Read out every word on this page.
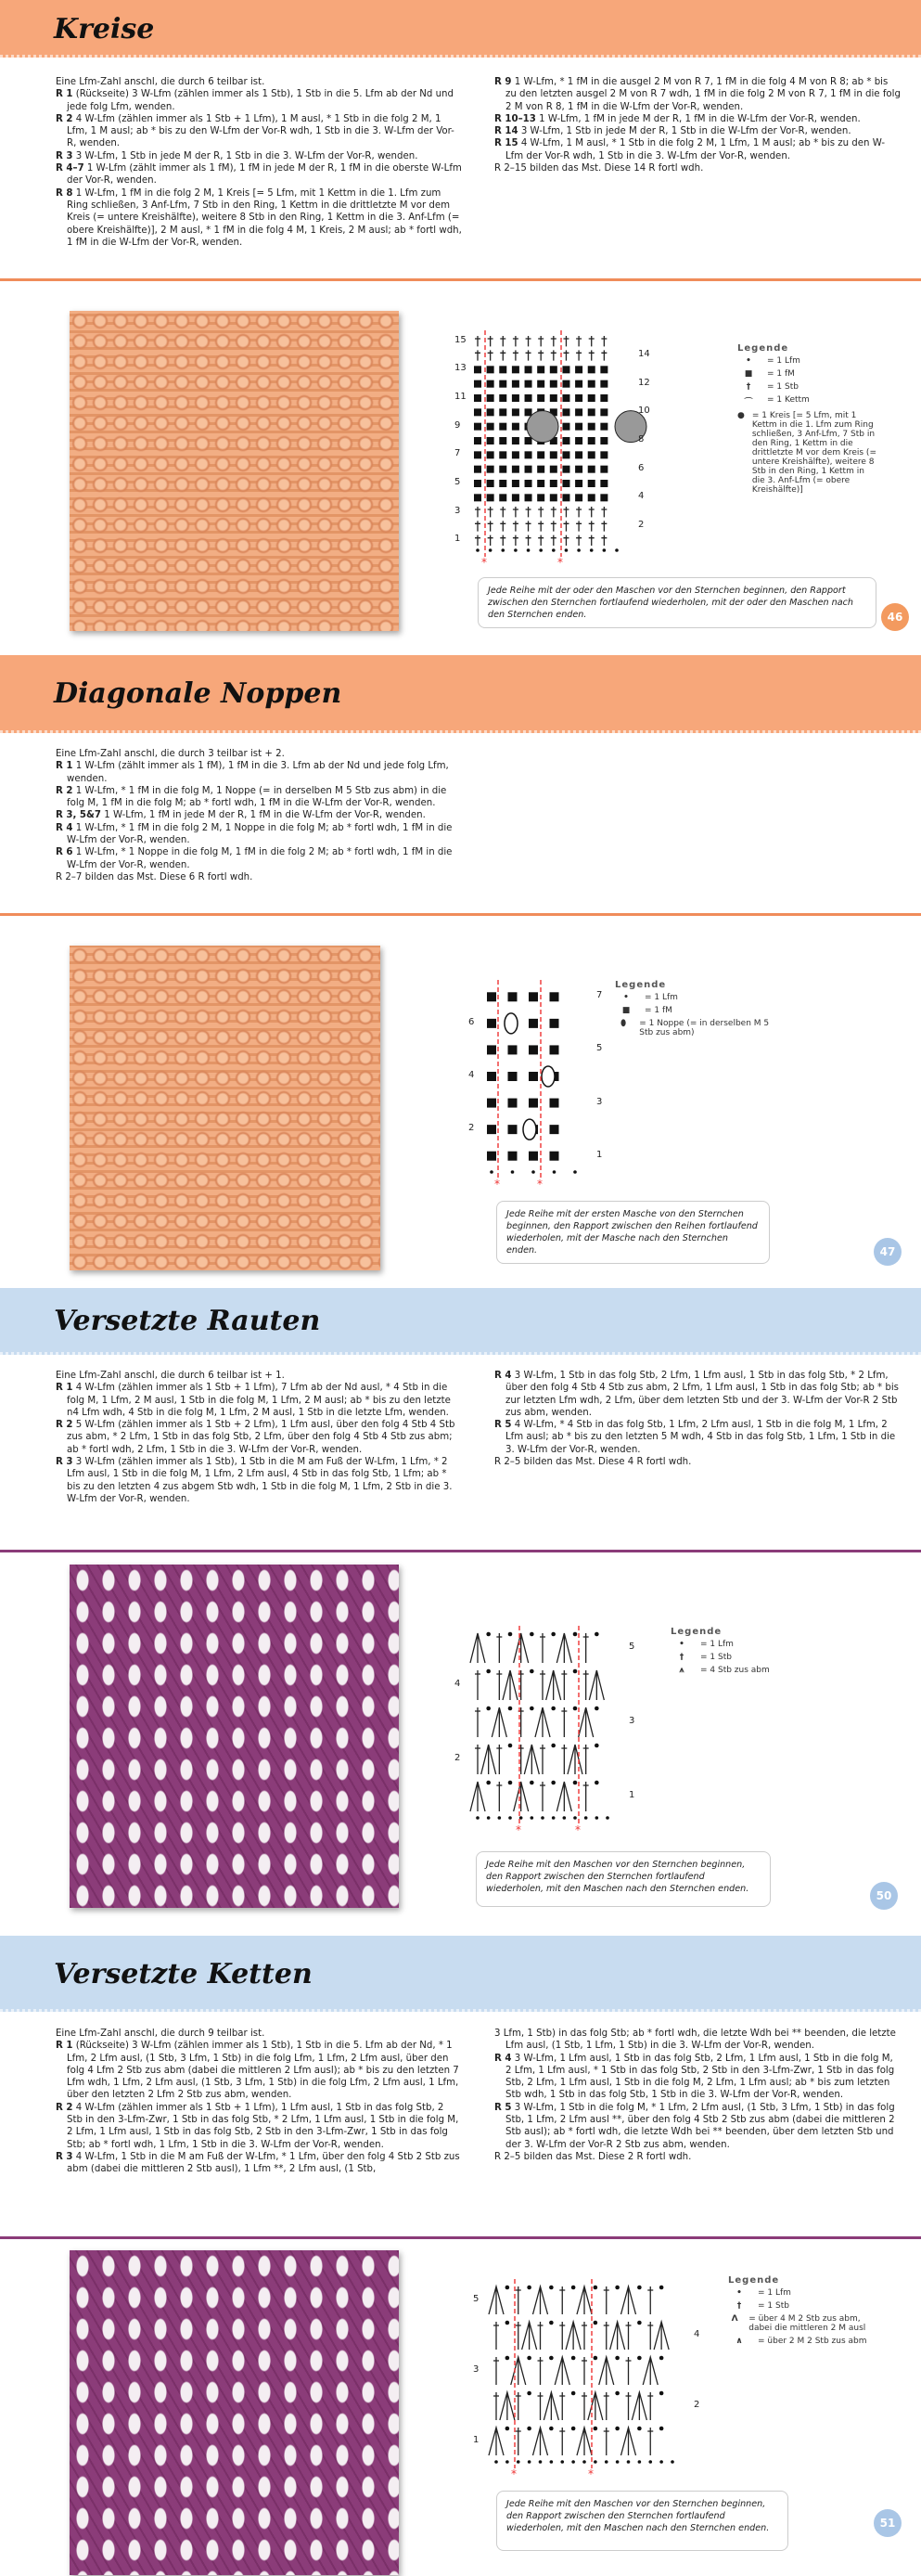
Kreise

Eine Lfm-Zahl anschl, die durch 6 teilbar ist.

R 1 (Rückseite) 3 W-Lfm (zählen immer als 1 Stb), 1 Stb in die 5. Lfm ab der Nd und jede folg Lfm, wenden.

R 2 4 W-Lfm (zählen immer als 1 Stb + 1 Lfm), 1 M ausl, * 1 Stb in die folg 2 M, 1 Lfm, 1 M ausl; ab * bis zu den W-Lfm der Vor-R wdh, 1 Stb in die 3. W-Lfm der Vor-R, wenden.

R 3 3 W-Lfm, 1 Stb in jede M der R, 1 Stb in die 3. W-Lfm der Vor-R, wenden.

R 4–7 1 W-Lfm (zählt immer als 1 fM), 1 fM in jede M der R, 1 fM in die oberste W-Lfm der Vor-R, wenden.

R 8 1 W-Lfm, 1 fM in die folg 2 M, 1 Kreis [= 5 Lfm, mit 1 Kettm in die 1. Lfm zum Ring schließen, 3 Anf-Lfm, 7 Stb in den Ring, 1 Kettm in die drittletzte M vor dem Kreis (= untere Kreishälfte), weitere 8 Stb in den Ring, 1 Kettm in die 3. Anf-Lfm (= obere Kreishälfte)], 2 M ausl, * 1 fM in die folg 4 M, 1 Kreis, 2 M ausl; ab * fortl wdh, 1 fM in die W-Lfm der Vor-R, wenden.

R 9 1 W-Lfm, * 1 fM in die ausgel 2 M von R 7, 1 fM in die folg 4 M von R 8; ab * bis zu den letzten ausgel 2 M von R 7 wdh, 1 fM in die folg 2 M von R 7, 1 fM in die folg 2 M von R 8, 1 fM in die W-Lfm der Vor-R, wenden.

R 10–13 1 W-Lfm, 1 fM in jede M der R, 1 fM in die W-Lfm der Vor-R, wenden.

R 14 3 W-Lfm, 1 Stb in jede M der R, 1 Stb in die W-Lfm der Vor-R, wenden.

R 15 4 W-Lfm, 1 M ausl, * 1 Stb in die folg 2 M, 1 Lfm, 1 M ausl; ab * bis zu den W-Lfm der Vor-R wdh, 1 Stb in die 3. W-Lfm der Vor-R, wenden.

R 2–15 bilden das Mst. Diese 14 R fortl wdh.

*	*
15
13
11
9
7
5
3
1
14
12
10
8
6
4
2
Legende
•	= 1 Lfm
■	= 1 fM
†	= 1 Stb
⌒	= 1 Kettm
● = 1 Kreis [= 5 Lfm, mit 1 Kettm in die 1. Lfm zum Ring schließen, 3 Anf-Lfm, 7 Stb in den Ring, 1 Kettm in die drittletzte M vor dem Kreis (= untere Kreishälfte), weitere 8 Stb in den Ring, 1 Kettm in die 3. Anf-Lfm (= obere Kreishälfte)]
Jede Reihe mit der oder den Maschen vor den Sternchen beginnen, den Rapport zwischen den Sternchen fortlaufend wiederholen, mit der oder den Maschen nach den Sternchen enden.	46
Diagonale Noppen

Eine Lfm-Zahl anschl, die durch 3 teilbar ist + 2.

R 1 1 W-Lfm (zählt immer als 1 fM), 1 fM in die 3. Lfm ab der Nd und jede folg Lfm, wenden.

R 2 1 W-Lfm, * 1 fM in die folg M, 1 Noppe (= in derselben M 5 Stb zus abm) in die folg M, 1 fM in die folg M; ab * fortl wdh, 1 fM in die W-Lfm der Vor-R, wenden.

R 3, 5&7 1 W-Lfm, 1 fM in jede M der R, 1 fM in die W-Lfm der Vor-R, wenden.

R 4 1 W-Lfm, * 1 fM in die folg 2 M, 1 Noppe in die folg M; ab * fortl wdh, 1 fM in die W-Lfm der Vor-R, wenden.

R 6 1 W-Lfm, * 1 Noppe in die folg M, 1 fM in die folg 2 M; ab * fortl wdh, 1 fM in die W-Lfm der Vor-R, wenden.

R 2–7 bilden das Mst. Diese 6 R fortl wdh.

*	*
6
4
2
7
5
3
1
Legende
•	= 1 Lfm
■	= 1 fM
⬮	= 1 Noppe (= in derselben M 5 Stb zus abm)
Jede Reihe mit der ersten Masche von den Sternchen beginnen, den Rapport zwischen den Reihen fortlaufend wiederholen, mit der Masche nach den Sternchen enden.	47
Versetzte Rauten

Eine Lfm-Zahl anschl, die durch 6 teilbar ist + 1.

R 1 4 W-Lfm (zählen immer als 1 Stb + 1 Lfm), 7 Lfm ab der Nd ausl, * 4 Stb in die folg M, 1 Lfm, 2 M ausl, 1 Stb in die folg M, 1 Lfm, 2 M ausl; ab * bis zu den letzte n4 Lfm wdh, 4 Stb in die folg M, 1 Lfm, 2 M ausl, 1 Stb in die letzte Lfm, wenden.

R 2 5 W-Lfm (zählen immer als 1 Stb + 2 Lfm), 1 Lfm ausl, über den folg 4 Stb 4 Stb zus abm, * 2 Lfm, 1 Stb in das folg Stb, 2 Lfm, über den folg 4 Stb 4 Stb zus abm; ab * fortl wdh, 2 Lfm, 1 Stb in die 3. W-Lfm der Vor-R, wenden.

R 3 3 W-Lfm (zählen immer als 1 Stb), 1 Stb in die M am Fuß der W-Lfm, 1 Lfm, * 2 Lfm ausl, 1 Stb in die folg M, 1 Lfm, 2 Lfm ausl, 4 Stb in das folg Stb, 1 Lfm; ab * bis zu den letzten 4 zus abgem Stb wdh, 1 Stb in die folg M, 1 Lfm, 2 Stb in die 3. W-Lfm der Vor-R, wenden.

R 4 3 W-Lfm, 1 Stb in das folg Stb, 2 Lfm, 1 Lfm ausl, 1 Stb in das folg Stb, * 2 Lfm, über den folg 4 Stb 4 Stb zus abm, 2 Lfm, 1 Lfm ausl, 1 Stb in das folg Stb; ab * bis zur letzten Lfm wdh, 2 Lfm, über dem letzten Stb und der 3. W-Lfm der Vor-R 2 Stb zus abm, wenden.

R 5 4 W-Lfm, * 4 Stb in das folg Stb, 1 Lfm, 2 Lfm ausl, 1 Stb in die folg M, 1 Lfm, 2 Lfm ausl; ab * bis zu den letzten 5 M wdh, 4 Stb in das folg Stb, 1 Lfm, 1 Stb in die 3. W-Lfm der Vor-R, wenden.

R 2–5 bilden das Mst. Diese 4 R fortl wdh.

*	*
4
2
5
3
1
Legende
•	= 1 Lfm
†	= 1 Stb
⩚	= 4 Stb zus abm
Jede Reihe mit den Maschen vor den Sternchen beginnen, den Rapport zwischen den Sternchen fortlaufend wiederholen, mit den Maschen nach den Sternchen enden.
50
Versetzte Ketten

Eine Lfm-Zahl anschl, die durch 9 teilbar ist.

R 1 (Rückseite) 3 W-Lfm (zählen immer als 1 Stb), 1 Stb in die 5. Lfm ab der Nd, * 1 Lfm, 2 Lfm ausl, (1 Stb, 3 Lfm, 1 Stb) in die folg Lfm, 1 Lfm, 2 Lfm ausl, über den folg 4 Lfm 2 Stb zus abm (dabei die mittleren 2 Lfm ausl); ab * bis zu den letzten 7 Lfm wdh, 1 Lfm, 2 Lfm ausl, (1 Stb, 3 Lfm, 1 Stb) in die folg Lfm, 2 Lfm ausl, 1 Lfm, über den letzten 2 Lfm 2 Stb zus abm, wenden.

R 2 4 W-Lfm (zählen immer als 1 Stb + 1 Lfm), 1 Lfm ausl, 1 Stb in das folg Stb, 2 Stb in den 3-Lfm-Zwr, 1 Stb in das folg Stb, * 2 Lfm, 1 Lfm ausl, 1 Stb in die folg M, 2 Lfm, 1 Lfm ausl, 1 Stb in das folg Stb, 2 Stb in den 3-Lfm-Zwr, 1 Stb in das folg Stb; ab * fortl wdh, 1 Lfm, 1 Stb in die 3. W-Lfm der Vor-R, wenden.

R 3 4 W-Lfm, 1 Stb in die M am Fuß der W-Lfm, * 1 Lfm, über den folg 4 Stb 2 Stb zus abm (dabei die mittleren 2 Stb ausl), 1 Lfm **, 2 Lfm ausl, (1 Stb,

3 Lfm, 1 Stb) in das folg Stb; ab * fortl wdh, die letzte Wdh bei ** beenden, die letzte Lfm ausl, (1 Stb, 1 Lfm, 1 Stb) in die 3. W-Lfm der Vor-R, wenden.

R 4 3 W-Lfm, 1 Lfm ausl, 1 Stb in das folg Stb, 2 Lfm, 1 Lfm ausl, 1 Stb in die folg M, 2 Lfm, 1 Lfm ausl, * 1 Stb in das folg Stb, 2 Stb in den 3-Lfm-Zwr, 1 Stb in das folg Stb, 2 Lfm, 1 Lfm ausl, 1 Stb in die folg M, 2 Lfm, 1 Lfm ausl; ab * bis zum letzten Stb wdh, 1 Stb in das folg Stb, 1 Stb in die 3. W-Lfm der Vor-R, wenden.

R 5 3 W-Lfm, 1 Stb in die folg M, * 1 Lfm, 2 Lfm ausl, (1 Stb, 3 Lfm, 1 Stb) in das folg Stb, 1 Lfm, 2 Lfm ausl **, über den folg 4 Stb 2 Stb zus abm (dabei die mittleren 2 Stb ausl); ab * fortl wdh, die letzte Wdh bei ** beenden, über dem letzten Stb und der 3. W-Lfm der Vor-R 2 Stb zus abm, wenden.

R 2–5 bilden das Mst. Diese 2 R fortl wdh.

*	*
5
3
1
4
2
Legende
•	= 1 Lfm
†	= 1 Stb
Λ	= über 4 M 2 Stb zus abm, dabei die mittleren 2 M ausl
∧	= über 2 M 2 Stb zus abm
Jede Reihe mit den Maschen vor den Sternchen beginnen, den Rapport zwischen den Sternchen fortlaufend wiederholen, mit den Maschen nach den Sternchen enden.	51
